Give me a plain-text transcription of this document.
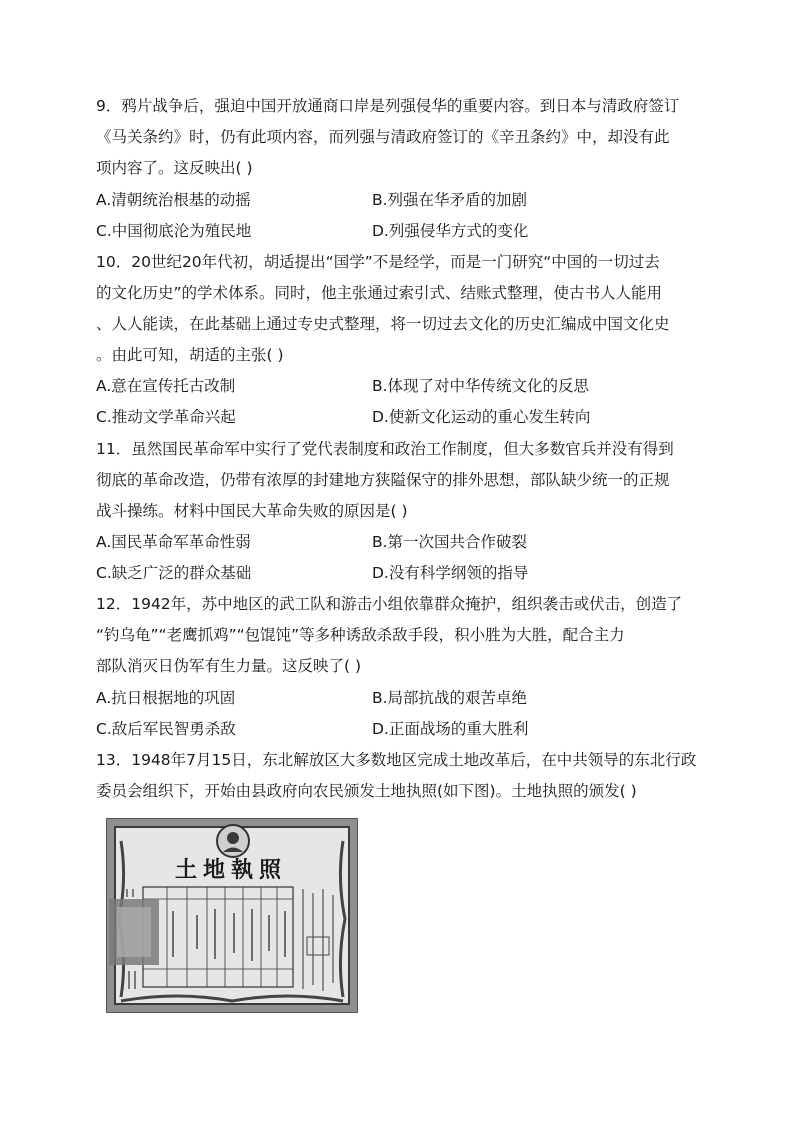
9．鸦片战争后，强迫中国开放通商口岸是列强侵华的重要内容。到日本与清政府签订
《马关条约》时，仍有此项内容，而列强与清政府签订的《辛丑条约》中，却没有此
项内容了。这反映出( )
A.清朝统治根基的动摇	B.列强在华矛盾的加剧
C.中国彻底沦为殖民地	D.列强侵华方式的变化
10．20世纪20年代初，胡适提出“国学”不是经学，而是一门研究“中国的一切过去
的文化历史”的学术体系。同时，他主张通过索引式、结账式整理，使古书人人能用
、人人能读，在此基础上通过专史式整理，将一切过去文化的历史汇编成中国文化史
。由此可知，胡适的主张( )
A.意在宣传托古改制	B.体现了对中华传统文化的反思
C.推动文学革命兴起	D.使新文化运动的重心发生转向
11．虽然国民革命军中实行了党代表制度和政治工作制度，但大多数官兵并没有得到
彻底的革命改造，仍带有浓厚的封建地方狭隘保守的排外思想，部队缺少统一的正规
战斗操练。材料中国民大革命失败的原因是( )
A.国民革命军革命性弱	B.第一次国共合作破裂
C.缺乏广泛的群众基础	D.没有科学纲领的指导
12．1942年，苏中地区的武工队和游击小组依靠群众掩护，组织袭击或伏击，创造了
“钓乌龟”“老鹰抓鸡”“包馄饨”等多种诱敌杀敌手段，积小胜为大胜，配合主力
部队消灭日伪军有生力量。这反映了( )
A.抗日根据地的巩固	B.局部抗战的艰苦卓绝
C.敌后军民智勇杀敌	D.正面战场的重大胜利
13．1948年7月15日，东北解放区大多数地区完成土地改革后，在中共领导的东北行政
委员会组织下，开始由县政府向农民颁发土地执照(如下图)。土地执照的颁发( )
土地執照
